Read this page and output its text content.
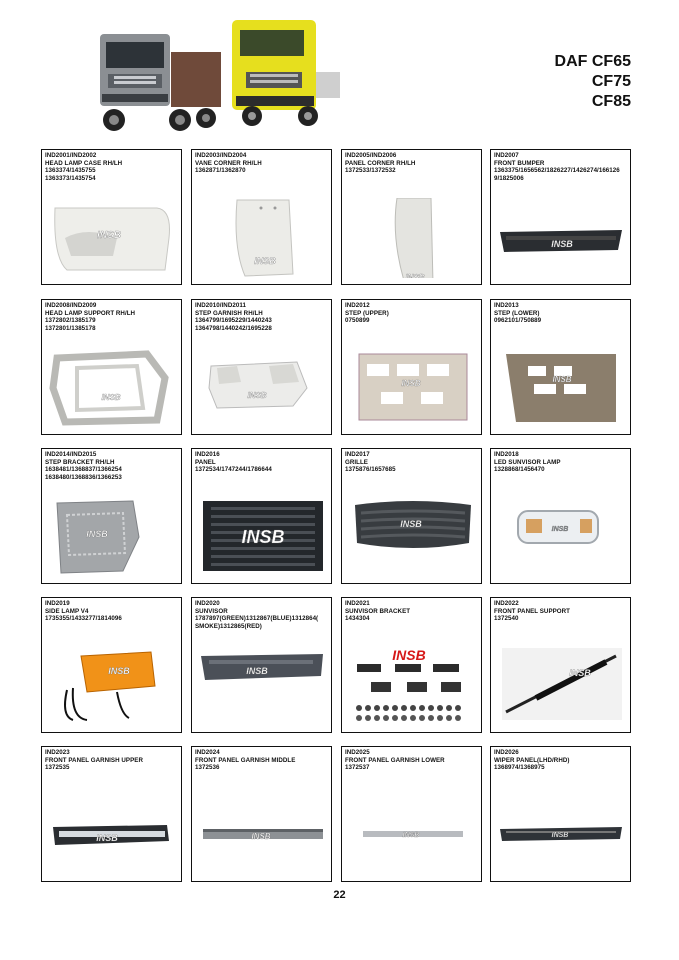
DAF CF65
CF75
CF85
IND2001/IND2002
HEAD LAMP CASE RH/LH
1363374/1435755
1363373/1435754
INSB
IND2003/IND2004
VANE CORNER RH/LH
1362871/1362870
INSB
IND2005/IND2006
PANEL CORNER RH/LH
1372533/1372532
INSB
IND2007
FRONT BUMPER
1363375/1656562/1826227/1426274/166126
9/1825006
INSB
IND2008/IND2009
HEAD LAMP SUPPORT RH/LH
1372802/1385179
1372801/1385178
INSB
IND2010/IND2011
STEP GARNISH RH/LH
1364799/1695229/1440243
1364798/1440242/1695228
INSB
IND2012
STEP (UPPER)
0750899
INSB
IND2013
STEP (LOWER)
0962101/750889
INSB
IND2014/IND2015
STEP BRACKET RH/LH
1638481/1368837/1366254
1638480/1368836/1366253
INSB
IND2016
PANEL
1372534/1747244/1786644
INSB
IND2017
GRILLE
1375876/1657685
INSB
IND2018
LED SUNVISOR LAMP
1328868/1456470
INSB
IND2019
SIDE LAMP V4
1735355/1433277/1814096
INSB
IND2020
SUNVISOR
1787897(GREEN)1312867(BLUE)1312864(
SMOKE)1312865(RED)
INSB
IND2021
SUNVISOR BRACKET
1434304
INSB
IND2022
FRONT PANEL SUPPORT
1372540
INSB
IND2023
FRONT PANEL GARNISH UPPER
1372535
INSB
IND2024
FRONT PANEL GARNISH MIDDLE
1372536
INSB
IND2025
FRONT PANEL GARNISH LOWER
1372537
INSB
IND2026
WIPER PANEL(LHD/RHD)
1368974/1368975
INSB
22
